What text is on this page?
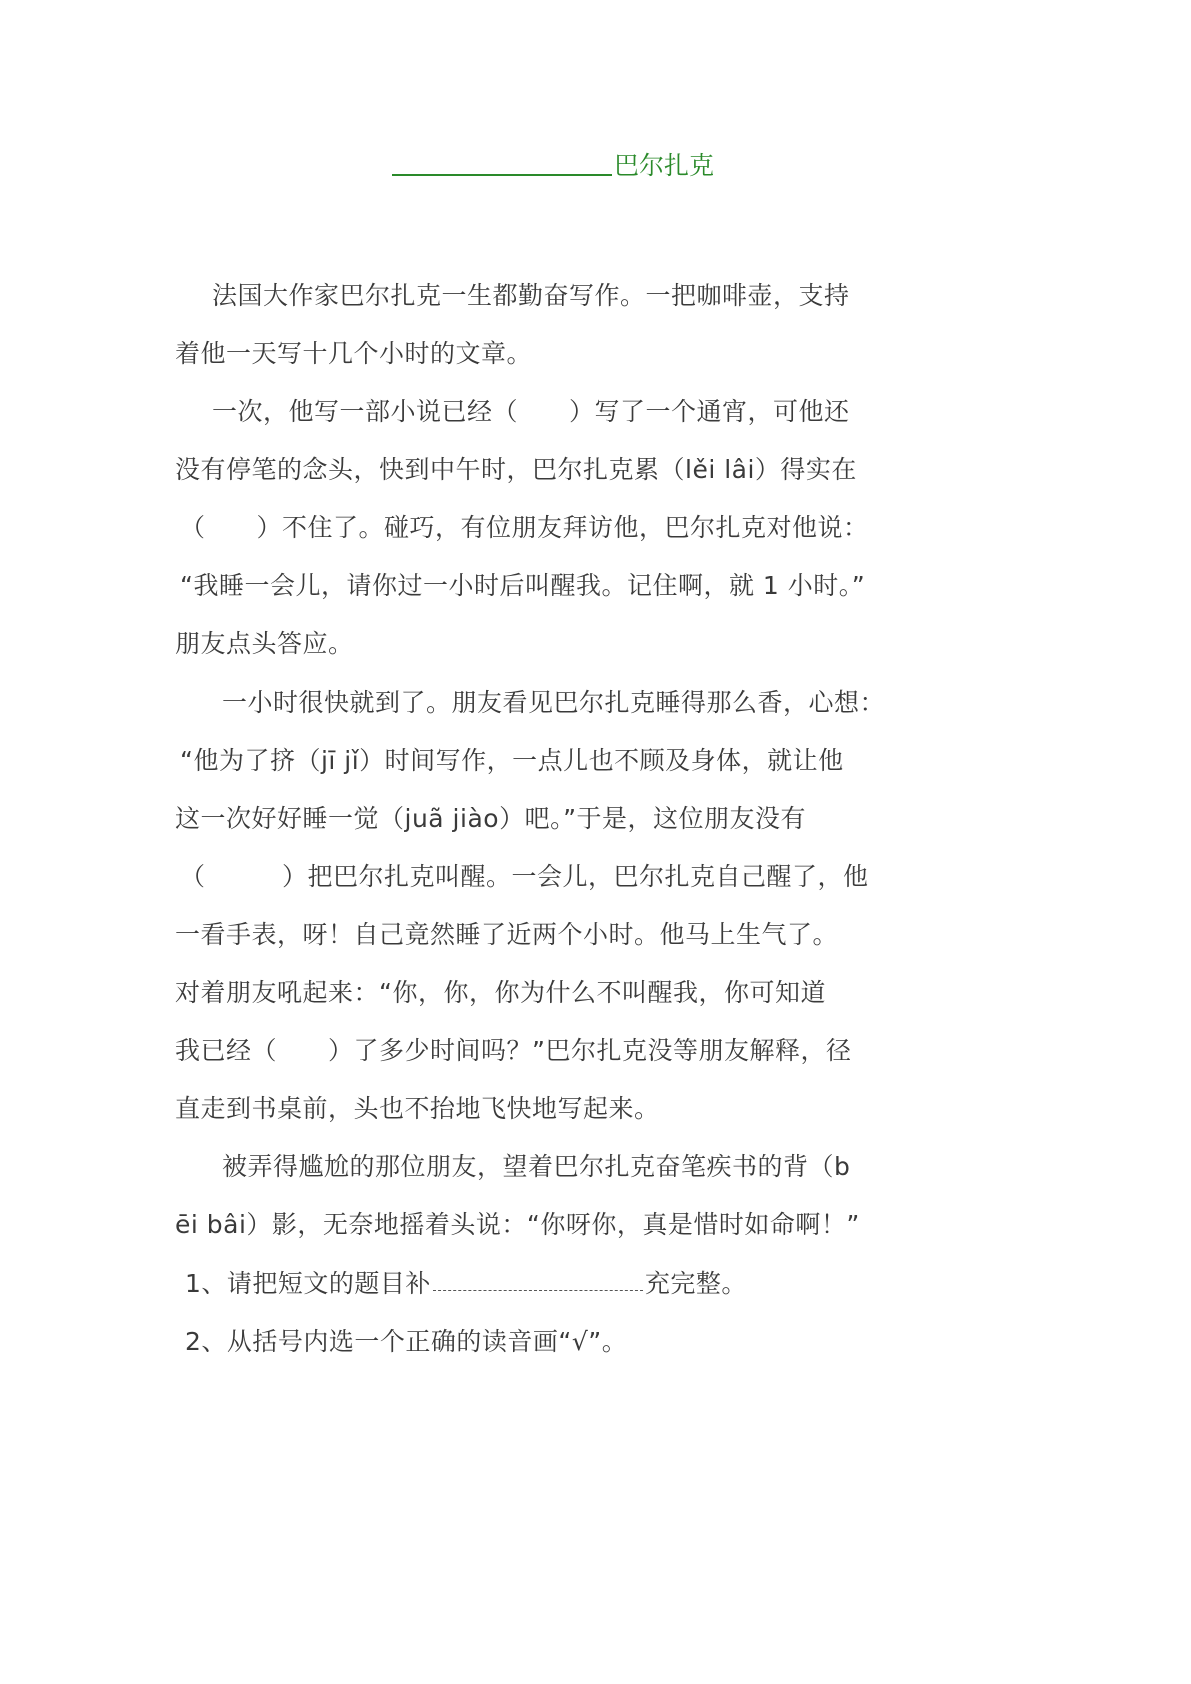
巴尔扎克
法国大作家巴尔扎克一生都勤奋写作。一把咖啡壶，支持
着他一天写十几个小时的文章。
一次，他写一部小说已经（　　）写了一个通宵，可他还
没有停笔的念头，快到中午时，巴尔扎克累（lěi lâi）得实在
（　　）不住了。碰巧，有位朋友拜访他，巴尔扎克对他说：
“我睡一会儿，请你过一小时后叫醒我。记住啊，就 1 小时。”
朋友点头答应。
一小时很快就到了。朋友看见巴尔扎克睡得那么香，心想：
“他为了挤（jī jǐ）时间写作，一点儿也不顾及身体，就让他
这一次好好睡一觉（juã jiào）吧。”于是，这位朋友没有
（　　　）把巴尔扎克叫醒。一会儿，巴尔扎克自己醒了，他
一看手表，呀！自己竟然睡了近两个小时。他马上生气了。
对着朋友吼起来：“你，你，你为什么不叫醒我，你可知道
我已经（　　）了多少时间吗？”巴尔扎克没等朋友解释，径
直走到书桌前，头也不抬地飞快地写起来。
被弄得尴尬的那位朋友，望着巴尔扎克奋笔疾书的背（b
ēi bâi）影，无奈地摇着头说：“你呀你，真是惜时如命啊！”
1、请把短文的题目补	充完整。
2、从括号内选一个正确的读音画“√”。
